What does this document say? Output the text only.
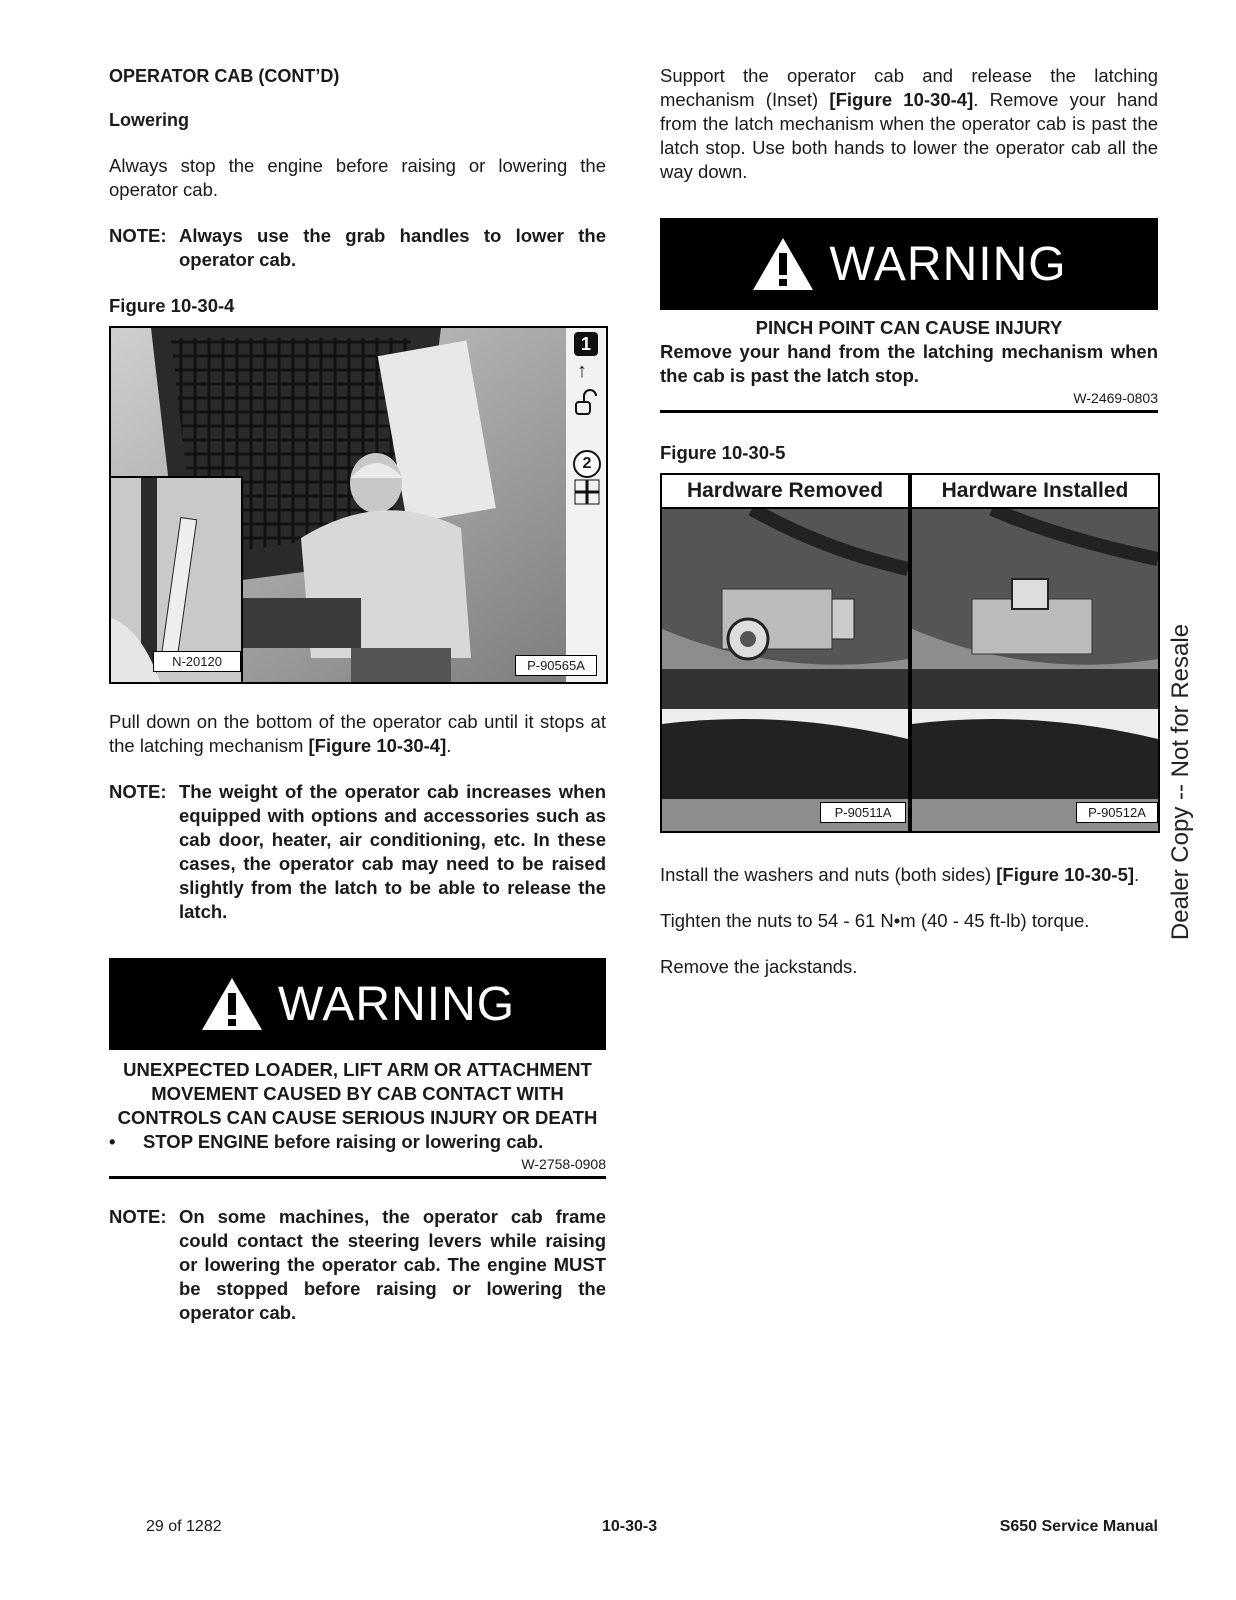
OPERATOR CAB (CONT’D)
Lowering
Always stop the engine before raising or lowering the operator cab.
NOTE: Always use the grab handles to lower the operator cab.
Figure 10-30-4
N-20120	P-90565A
1
↑
2
Pull down on the bottom of the operator cab until it stops at the latching mechanism [Figure 10-30-4].
NOTE: The weight of the operator cab increases when equipped with options and accessories such as cab door, heater, air conditioning, etc. In these cases, the operator cab may need to be raised slightly from the latch to be able to release the latch.
WARNING
UNEXPECTED LOADER, LIFT ARM OR ATTACHMENT MOVEMENT CAUSED BY CAB CONTACT WITH CONTROLS CAN CAUSE SERIOUS INJURY OR DEATH
•	STOP ENGINE before raising or lowering cab.
W-2758-0908
NOTE: On some machines, the operator cab frame could contact the steering levers while raising or lowering the operator cab. The engine MUST be stopped before raising or lowering the operator cab.
Support the operator cab and release the latching mechanism (Inset) [Figure 10-30-4]. Remove your hand from the latch mechanism when the operator cab is past the latch stop. Use both hands to lower the operator cab all the way down.
WARNING
PINCH POINT CAN CAUSE INJURY
Remove your hand from the latching mechanism when the cab is past the latch stop.
W-2469-0803
Figure 10-30-5
Hardware Removed
P-90511A
Hardware Installed
P-90512A
Install the washers and nuts (both sides) [Figure 10-30-5].
Tighten the nuts to 54 - 61 N•m (40 - 45 ft-lb) torque.
Remove the jackstands.
Dealer Copy -- Not for Resale
29 of 1282	10-30-3	S650 Service Manual
